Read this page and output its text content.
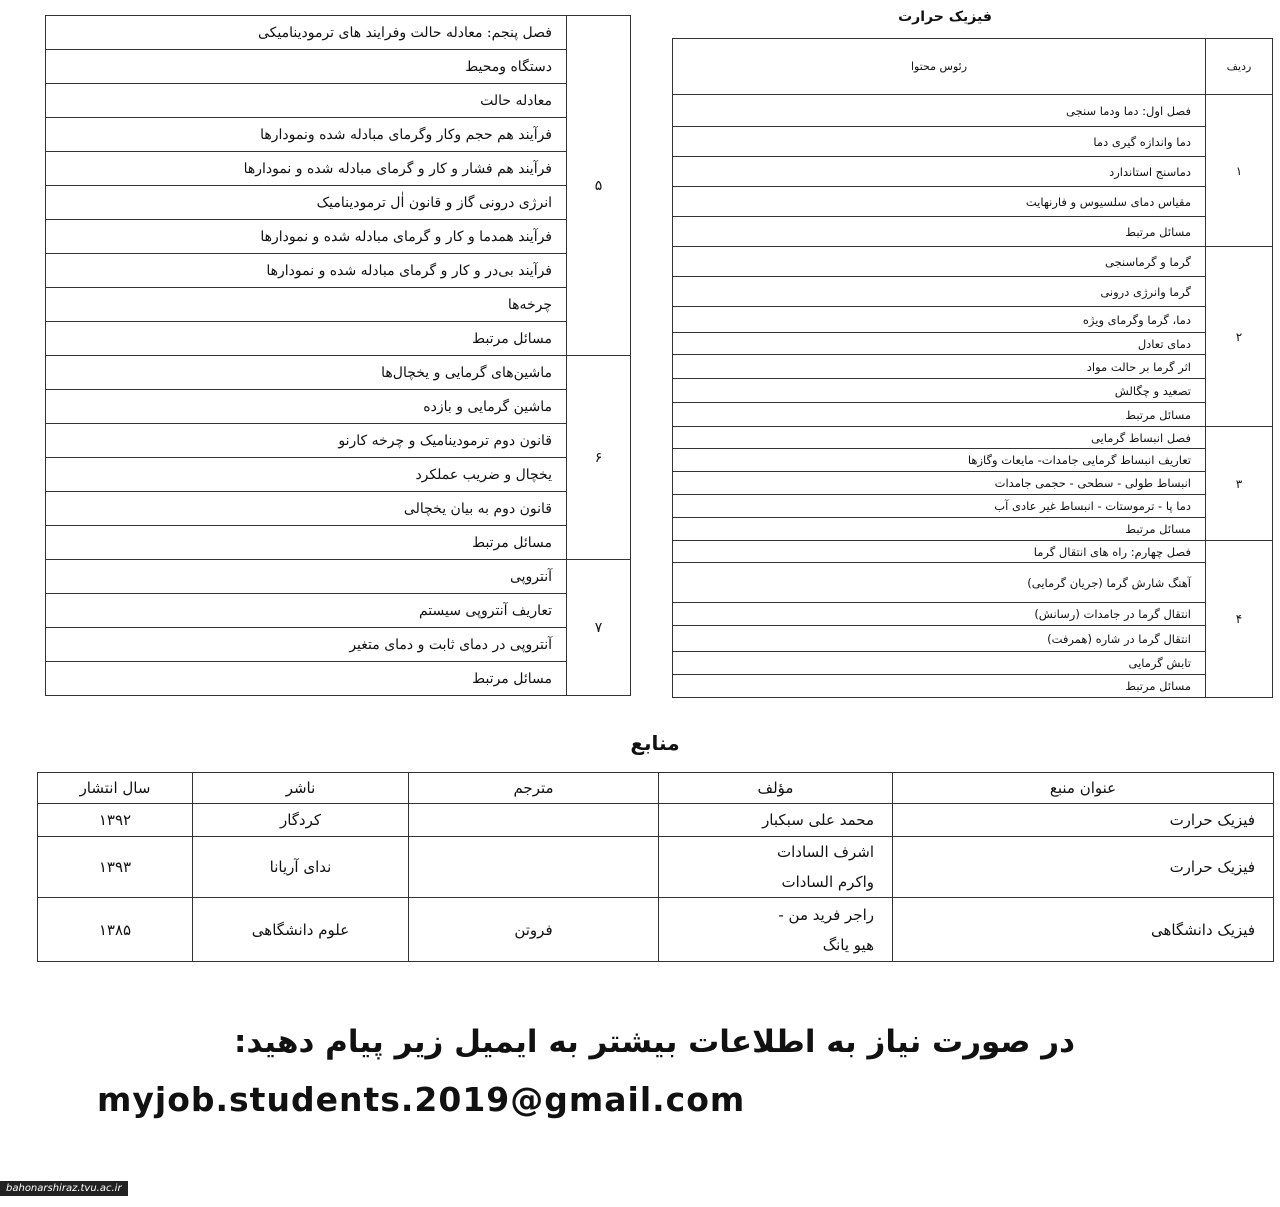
فیزیک حرارت
ردیف	رئوس محتوا
۱	فصل اول: دما ودما سنجی
	دما واندازه گیری دما
	دماسنج استاندارد
	مقیاس دمای سلسیوس و فارنهایت
	مسائل مرتبط
۲	گرما و گرماسنجی
	گرما وانرژی درونی
	دما، گرما وگرمای ویژه
	دمای تعادل
	اثر گرما بر حالت مواد
	تصعید و چگالش
	مسائل مرتبط
۳	فصل انبساط گرمایی
	تعاریف انبساط گرمایی جامدات- مایعات وگازها
	انبساط طولی - سطحی - حجمی جامدات
	دما پا - ترموستات - انبساط غیر عادی آب
	مسائل مرتبط
۴	فصل چهارم: راه های انتقال گرما
	آهنگ شارش گرما (جریان گرمایی)
	انتقال گرما در جامدات (رسانش)
	انتقال گرما در شاره (همرفت)
	تابش گرمایی
	مسائل مرتبط
۵	فصل پنجم: معادله حالت وفرایند های ترمودینامیکی
	دستگاه ومحیط
	معادله حالت
	فرآیند هم حجم وکار وگرمای مبادله شده ونمودارها
	فرآیند هم فشار و کار و گرمای مبادله شده و نمودارها
	انرژی درونی گاز و قانون اٰل ترمودینامیک
	فرآیند همدما و کار و گرمای مبادله شده و نمودارها
	فرآیند بی‌در و کار و گرمای مبادله شده و نمودارها
	چرخه‌ها
	مسائل مرتبط
۶	ماشین‌های گرمایی و یخچال‌ها
	ماشین گرمایی و بازده
	قانون دوم ترمودینامیک و چرخه کارنو
	یخچال و ضریب عملکرد
	قانون دوم به بیان یخچالی
	مسائل مرتبط
۷	آنتروپی
	تعاریف آنتروپی سیستم
	آنتروپی در دمای ثابت و دمای متغیر
	مسائل مرتبط
منابع
عنوان منبع	مؤلف	مترجم	ناشر	سال انتشار
فیزیک حرارت	محمد علی سبکبار		کردگار	۱۳۹۲
فیزیک حرارت	اشرف السادات
واکرم السادات		ندای آریانا	۱۳۹۳
فیزیک دانشگاهی	راجر فرید من -
هیو یانگ	فروتن	علوم دانشگاهی	۱۳۸۵
در صورت نیاز به اطلاعات بیشتر به ایمیل زیر پیام دهید:
myjob.students.2019@gmail.com
bahonarshiraz.tvu.ac.ir
